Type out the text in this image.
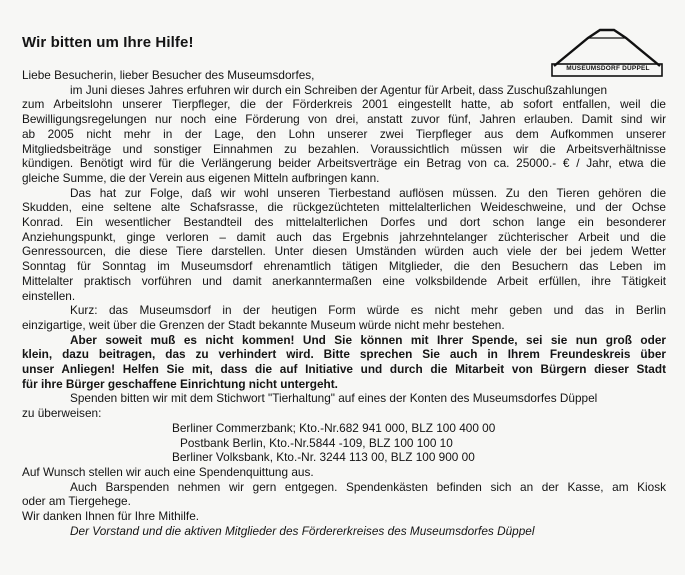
Wir bitten um Ihre Hilfe!
MUSEUMSDORF DÜPPEL
Liebe Besucherin, lieber Besucher des Museumsdorfes,
im Juni dieses Jahres erfuhren wir durch ein Schreiben der Agentur für Arbeit, dass Zuschußzahlungen
zum Arbeitslohn unserer Tierpfleger, die der Förderkreis 2001 eingestellt hatte, ab sofort entfallen, weil die
Bewilligungsregelungen nur noch eine Förderung von drei, anstatt zuvor fünf, Jahren erlauben. Damit sind wir
ab 2005 nicht mehr in der Lage, den Lohn unserer zwei Tierpfleger aus dem Aufkommen unserer
Mitgliedsbeiträge und sonstiger Einnahmen zu bezahlen. Voraussichtlich müssen wir die Arbeitsverhältnisse
kündigen. Benötigt wird für die Verlängerung beider Arbeitsverträge ein Betrag von ca. 25000.- € / Jahr, etwa die
gleiche Summe, die der Verein aus eigenen Mitteln aufbringen kann.
Das hat zur Folge, daß wir wohl unseren Tierbestand auflösen müssen. Zu den Tieren gehören die
Skudden, eine seltene alte Schafsrasse, die rückgezüchteten mittelalterlichen Weideschweine, und der Ochse
Konrad. Ein wesentlicher Bestandteil des mittelalterlichen Dorfes und dort schon lange ein besonderer
Anziehungspunkt, ginge verloren – damit auch das Ergebnis jahrzehntelanger züchterischer Arbeit und die
Genressourcen, die diese Tiere darstellen. Unter diesen Umständen würden auch viele der bei jedem Wetter
Sonntag für Sonntag im Museumsdorf ehrenamtlich tätigen Mitglieder, die den Besuchern das Leben im
Mittelalter praktisch vorführen und damit anerkanntermaßen eine volksbildende Arbeit erfüllen, ihre Tätigkeit
einstellen.
Kurz: das Museumsdorf in der heutigen Form würde es nicht mehr geben und das in Berlin
einzigartige, weit über die Grenzen der Stadt bekannte Museum würde nicht mehr bestehen.
Aber soweit muß es nicht kommen! Und Sie können mit Ihrer Spende, sei sie nun groß oder
klein, dazu beitragen, das zu verhindert wird. Bitte sprechen Sie auch in Ihrem Freundeskreis über
unser Anliegen! Helfen Sie mit, dass die auf Initiative und durch die Mitarbeit von Bürgern dieser Stadt
für ihre Bürger geschaffene Einrichtung nicht untergeht.
Spenden bitten wir mit dem Stichwort "Tierhaltung" auf eines der Konten des Museumsdorfes Düppel
zu überweisen:
Berliner Commerzbank; Kto.-Nr.682 941 000, BLZ 100 400 00
Postbank Berlin, Kto.-Nr.5844 -109, BLZ 100 100 10
Berliner Volksbank, Kto.-Nr. 3244 113 00, BLZ 100 900 00
Auf Wunsch stellen wir auch eine Spendenquittung aus.
Auch Barspenden nehmen wir gern entgegen. Spendenkästen befinden sich an der Kasse, am Kiosk
oder am Tiergehege.
Wir danken Ihnen für Ihre Mithilfe.
Der Vorstand und die aktiven Mitglieder des Fördererkreises des Museumsdorfes Düppel
